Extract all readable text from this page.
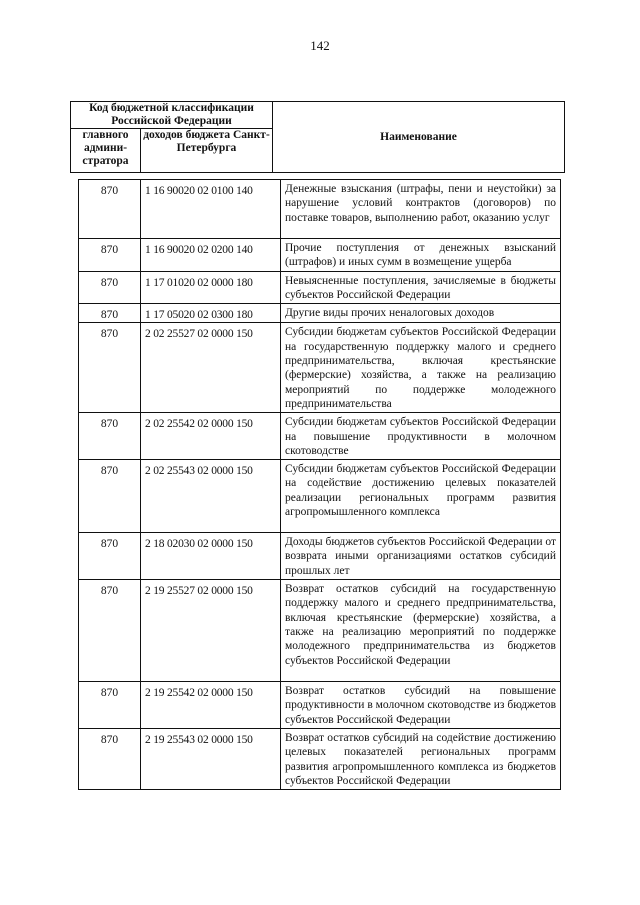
142
Код бюджетной классификации Российской Федерации		Наименование
главного админи-стратора	доходов бюджета Санкт-Петербурга	
870	1 16 90020 02 0100 140	Денежные взыскания (штрафы, пени и неустойки) за нарушение условий контрактов (договоров) по поставке товаров, выполнению работ, оказанию услуг
870	1 16 90020 02 0200 140	Прочие поступления от денежных взысканий (штрафов) и иных сумм в возмещение ущерба
870	1 17 01020 02 0000 180	Невыясненные поступления, зачисляемые в бюджеты субъектов Российской Федерации
870	1 17 05020 02 0300 180	Другие виды прочих неналоговых доходов
870	2 02 25527 02 0000 150	Субсидии бюджетам субъектов Российской Федерации на государственную поддержку малого и среднего предпринимательства, включая крестьянские (фермерские) хозяйства, а также на реализацию мероприятий по поддержке молодежного предпринимательства
870	2 02 25542 02 0000 150	Субсидии бюджетам субъектов Российской Федерации на повышение продуктивности в молочном скотоводстве
870	2 02 25543 02 0000 150	Субсидии бюджетам субъектов Российской Федерации на содействие достижению целевых показателей реализации региональных программ развития агропромышленного комплекса
870	2 18 02030 02 0000 150	Доходы бюджетов субъектов Российской Федерации от возврата иными организациями остатков субсидий прошлых лет
870	2 19 25527 02 0000 150	Возврат остатков субсидий на государственную поддержку малого и среднего предпринимательства, включая крестьянские (фермерские) хозяйства, а также на реализацию мероприятий по поддержке молодежного предпринимательства из бюджетов субъектов Российской Федерации
870	2 19 25542 02 0000 150	Возврат остатков субсидий на повышение продуктивности в молочном скотоводстве из бюджетов субъектов Российской Федерации
870	2 19 25543 02 0000 150	Возврат остатков субсидий на содействие достижению целевых показателей региональных программ развития агропромышленного комплекса из бюджетов субъектов Российской Федерации
